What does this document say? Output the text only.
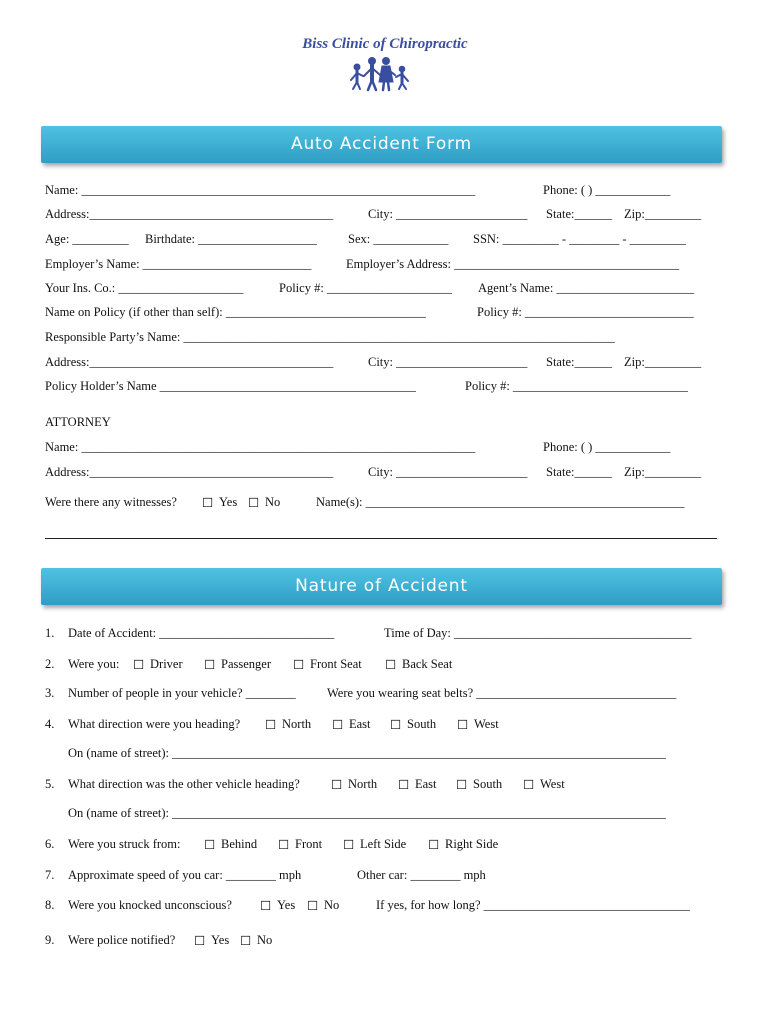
Biss Clinic of Chiropractic
Auto Accident Form
Name: _______________________________________________________________	Phone: ( ) ____________
Address:_______________________________________	City: _____________________ State:______ Zip:_________
Age: _________ Birthdate: ___________________ Sex: ____________ SSN: _________ - ________ - _________
Employer’s Name: ___________________________	Employer’s Address: ____________________________________
Your Ins. Co.: ____________________	Policy #: ____________________ Agent’s Name: ______________________
Name on Policy (if other than self): ________________________________	Policy #: ___________________________
Responsible Party’s Name: _____________________________________________________________________
Address:_______________________________________	City: _____________________ State:______ Zip:_________
Policy Holder’s Name _________________________________________	Policy #: ____________________________
ATTORNEY
Name: _______________________________________________________________	Phone: ( ) ____________
Address:_______________________________________	City: _____________________ State:______ Zip:_________
Were there any witnesses? ☐ Yes ☐ No	Name(s): ___________________________________________________
Nature of Accident
1. Date of Accident: ____________________________	Time of Day: ______________________________________
2. Were you: ☐ Driver ☐ Passenger ☐ Front Seat ☐ Back Seat
3. Number of people in your vehicle? ________	Were you wearing seat belts? ________________________________
4. What direction were you heading? ☐ North ☐ East ☐ South ☐ West
On (name of street): _______________________________________________________________________________
5. What direction was the other vehicle heading? ☐ North ☐ East ☐ South ☐ West
On (name of street): _______________________________________________________________________________
6. Were you struck from: ☐ Behind ☐ Front ☐ Left Side ☐ Right Side
7. Approximate speed of you car: ________ mph	Other car: ________ mph
8. Were you knocked unconscious? ☐ Yes ☐ No	If yes, for how long? _________________________________
9. Were police notified? ☐ Yes ☐ No
